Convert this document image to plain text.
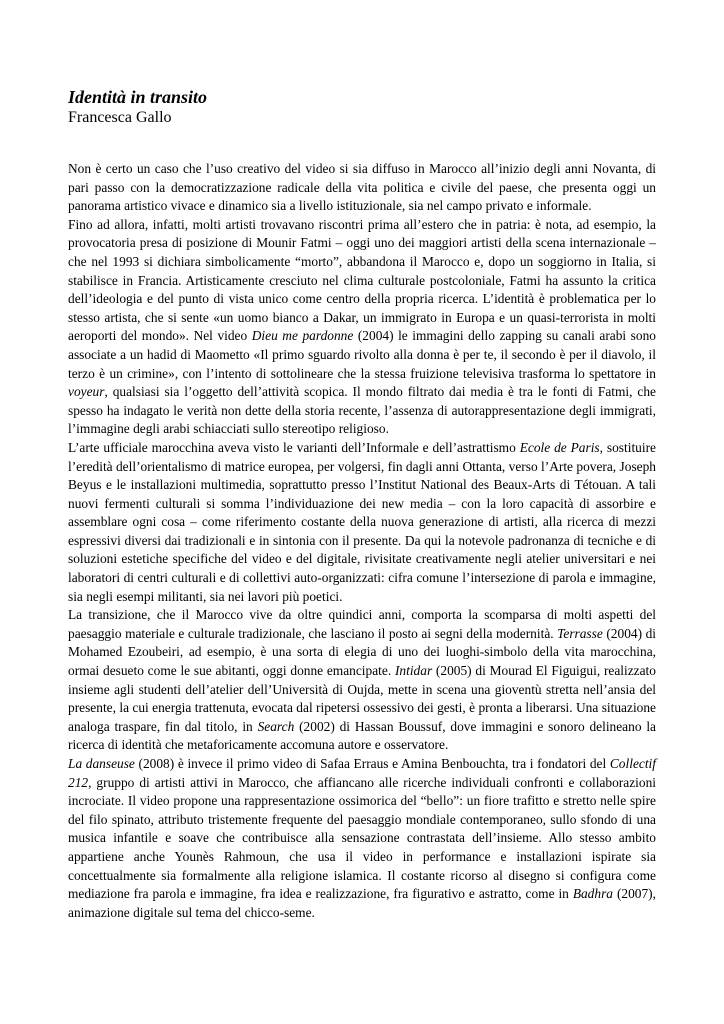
Identità in transito
Francesca Gallo

Non è certo un caso che l’uso creativo del video si sia diffuso in Marocco all’inizio degli anni Novanta, di pari passo con la democratizzazione radicale della vita politica e civile del paese, che presenta oggi un panorama artistico vivace e dinamico sia a livello istituzionale, sia nel campo privato e informale.

Fino ad allora, infatti, molti artisti trovavano riscontri prima all’estero che in patria: è nota, ad esempio, la provocatoria presa di posizione di Mounir Fatmi – oggi uno dei maggiori artisti della scena internazionale – che nel 1993 si dichiara simbolicamente “morto”, abbandona il Marocco e, dopo un soggiorno in Italia, si stabilisce in Francia. Artisticamente cresciuto nel clima culturale postcoloniale, Fatmi ha assunto la critica dell’ideologia e del punto di vista unico come centro della propria ricerca. L’identità è problematica per lo stesso artista, che si sente «un uomo bianco a Dakar, un immigrato in Europa e un quasi-terrorista in molti aeroporti del mondo». Nel video Dieu me pardonne (2004) le immagini dello zapping su canali arabi sono associate a un hadid di Maometto «Il primo sguardo rivolto alla donna è per te, il secondo è per il diavolo, il terzo è un crimine», con l’intento di sottolineare che la stessa fruizione televisiva trasforma lo spettatore in voyeur, qualsiasi sia l’oggetto dell’attività scopica. Il mondo filtrato dai media è tra le fonti di Fatmi, che spesso ha indagato le verità non dette della storia recente, l’assenza di autorappresentazione degli immigrati, l’immagine degli arabi schiacciati sullo stereotipo religioso.

L’arte ufficiale marocchina aveva visto le varianti dell’Informale e dell’astrattismo Ecole de Paris, sostituire l’eredità dell’orientalismo di matrice europea, per volgersi, fin dagli anni Ottanta, verso l’Arte povera, Joseph Beyus e le installazioni multimedia, soprattutto presso l’Institut National des Beaux-Arts di Tétouan. A tali nuovi fermenti culturali si somma l’individuazione dei new media – con la loro capacità di assorbire e assemblare ogni cosa – come riferimento costante della nuova generazione di artisti, alla ricerca di mezzi espressivi diversi dai tradizionali e in sintonia con il presente. Da qui la notevole padronanza di tecniche e di soluzioni estetiche specifiche del video e del digitale, rivisitate creativamente negli atelier universitari e nei laboratori di centri culturali e di collettivi auto-organizzati: cifra comune l’intersezione di parola e immagine, sia negli esempi militanti, sia nei lavori più poetici.

La transizione, che il Marocco vive da oltre quindici anni, comporta la scomparsa di molti aspetti del paesaggio materiale e culturale tradizionale, che lasciano il posto ai segni della modernità. Terrasse (2004) di Mohamed Ezoubeiri, ad esempio, è una sorta di elegia di uno dei luoghi-simbolo della vita marocchina, ormai desueto come le sue abitanti, oggi donne emancipate. Intidar (2005) di Mourad El Figuigui, realizzato insieme agli studenti dell’atelier dell’Università di Oujda, mette in scena una gioventù stretta nell’ansia del presente, la cui energia trattenuta, evocata dal ripetersi ossessivo dei gesti, è pronta a liberarsi. Una situazione analoga traspare, fin dal titolo, in Search (2002) di Hassan Boussuf, dove immagini e sonoro delineano la ricerca di identità che metaforicamente accomuna autore e osservatore.

La danseuse (2008) è invece il primo video di Safaa Erraus e Amina Benbouchta, tra i fondatori del Collectif 212, gruppo di artisti attivi in Marocco, che affiancano alle ricerche individuali confronti e collaborazioni incrociate. Il video propone una rappresentazione ossimorica del “bello”: un fiore trafitto e stretto nelle spire del filo spinato, attributo tristemente frequente del paesaggio mondiale contemporaneo, sullo sfondo di una musica infantile e soave che contribuisce alla sensazione contrastata dell’insieme. Allo stesso ambito appartiene anche Younès Rahmoun, che usa il video in performance e installazioni ispirate sia concettualmente sia formalmente alla religione islamica. Il costante ricorso al disegno si configura come mediazione fra parola e immagine, fra idea e realizzazione, fra figurativo e astratto, come in Badhra (2007), animazione digitale sul tema del chicco-seme.
